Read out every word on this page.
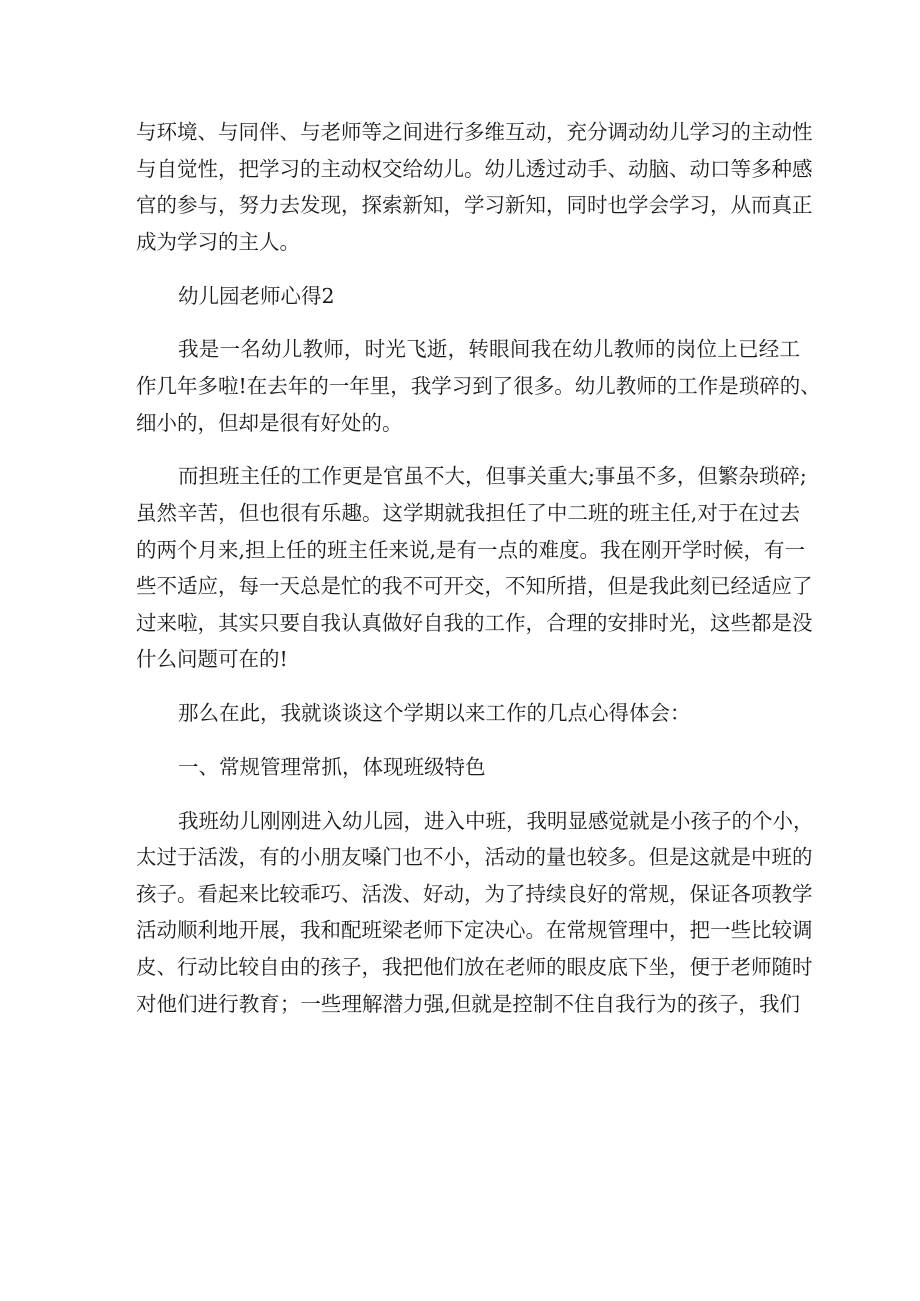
与环境、与同伴、与老师等之间进行多维互动，充分调动幼儿学习的主动性
与自觉性，把学习的主动权交给幼儿。幼儿透过动手、动脑、动口等多种感
官的参与，努力去发现，探索新知，学习新知，同时也学会学习，从而真正
成为学习的主人。
幼儿园老师心得2
我是一名幼儿教师，时光飞逝，转眼间我在幼儿教师的岗位上已经工
作几年多啦!在去年的一年里，我学习到了很多。幼儿教师的工作是琐碎的、
细小的，但却是很有好处的。
而担班主任的工作更是官虽不大，但事关重大;事虽不多，但繁杂琐碎;
虽然辛苦，但也很有乐趣。这学期就我担任了中二班的班主任,对于在过去
的两个月来,担上任的班主任来说,是有一点的难度。我在刚开学时候，有一
些不适应，每一天总是忙的我不可开交，不知所措，但是我此刻已经适应了
过来啦，其实只要自我认真做好自我的工作，合理的安排时光，这些都是没
什么问题可在的!
那么在此，我就谈谈这个学期以来工作的几点心得体会：
一、常规管理常抓，体现班级特色
我班幼儿刚刚进入幼儿园，进入中班，我明显感觉就是小孩子的个小，
太过于活泼，有的小朋友嗓门也不小，活动的量也较多。但是这就是中班的
孩子。看起来比较乖巧、活泼、好动，为了持续良好的常规，保证各项教学
活动顺利地开展，我和配班梁老师下定决心。在常规管理中，把一些比较调
皮、行动比较自由的孩子，我把他们放在老师的眼皮底下坐，便于老师随时
对他们进行教育；一些理解潜力强,但就是控制不住自我行为的孩子，我们
